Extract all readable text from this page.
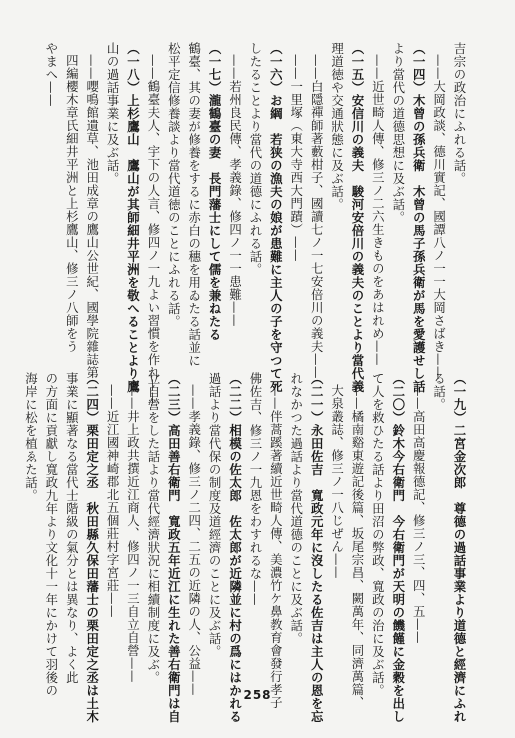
吉宗の政治にふれる話。
——大岡政談、德川實記、國譚八ノ一一大岡さばき——
（一四）木曾の孫兵衛　木曾の馬子孫兵衛が馬を愛護せし話
より當代の道德思想に及ぶ話。
——近世畸人傳、修三ノ二六生きものをあはれめ——
（一五）安信川の義夫　駿河安倍川の義夫のことより當代義
理道徳や交通狀態に及ぶ話。
——白隱禪師著藪柑子、國讀七ノ一七安倍川の義夫——
——一里塚（東大寺西大門蹟）——
（一六）お綱　若狭の漁夫の娘が患難に主人の子を守つて死
したることより當代の道德にふれる話。
——若州良民傳、孝義錄、修四ノ一一患難——
（一七）瀧鶴臺の妻　長門藩士にして儒を兼ねたる
鶴臺、其の妻が修養をするに赤白の穗を用ゐたる話並に
松平定信修養談より當代道徳のことにふれる話。
——鶴臺夫人、宇下の人言、修四ノ一九よい習慣を作れ——
（一八）上杉鷹山　鷹山が其師細井平洲を敬へることより鷹
山の過話事業に及ぶ話。
——嚶鳴館遺草、池田成章の鷹山公世紀、國學院雜誌第
四編櫻木章氏細井平洲と上杉鷹山、修三ノ八師をう
やまへ——
（一九）二宮金次郎　尊德の過話事業より道德と經濟にふれ
る話。
——高田高慶報德記、修三ノ三、四、五——
（二〇）鈴木今右衛門　今右衛門が天明の饑饉に金穀を出し
て人を救ひたる話より田沼の弊政、寬政の治に及ぶ話。
——橘南谿東遊記後篇、坂尾宗昌、闕萬年、同濟萬篇、
大泉叢誌、修三ノ一八じぜん——
（二一）永田佐吉　寬政元年に沒したる佐吉は主人の恩を忘
れなかつた過話より當代道德のことに及ぶ話。
——伴蒿蹊著續近世畸人傳、美濃竹ケ鼻教育會發行孝子
佛佐吉、修三ノ一九恩をわすれるな——
（二二）相模の佐太郎　佐太郎が近隣並に村の爲にはかれる
過話より當代保の制度及道經濟のことに及ぶ話。
——孝義錄、修三ノ二四、二五の近隣の人、公益——
（二三）高田善右衛門　寬政五年近江に生れた善右衛門は自
立自營をした話より當代經濟狀況に相續制度に及ぶ。
——井上政共撰近江商人、修四ノ一三自立自營——
——近江國神崎郡北五個莊村字宮莊——
（二四）栗田定之丞　秋田縣久保田藩士の栗田定之丞は土木
事業に顯著なる當代士階級の氣分とは異なり、よく此
の方面に貢獻し寬政九年より文化十一年にかけて羽後の
海岸に松を植ゑた話。
258
